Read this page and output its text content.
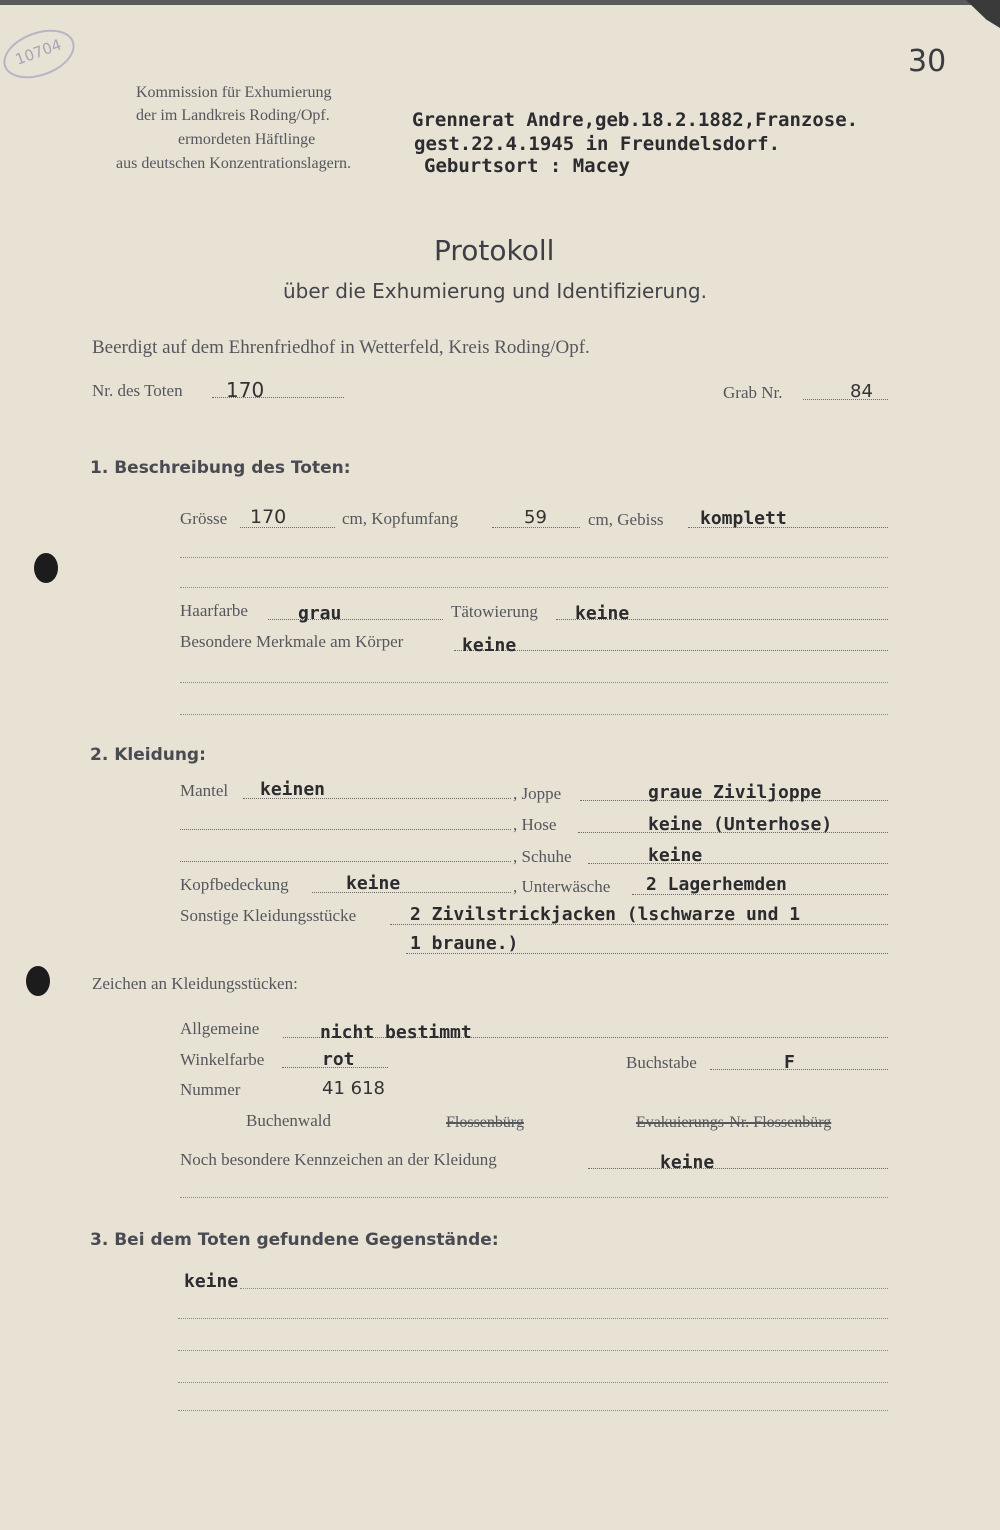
10704	30
Kommission für Exhumierung
der im Landkreis Roding/Opf.
ermordeten Häftlinge
aus deutschen Konzentrationslagern.
Grennerat Andre,geb.18.2.1882,Franzose.
gest.22.4.1945 in Freundelsdorf.
Geburtsort : Macey
Protokoll
über die Exhumierung und Identifizierung.
Beerdigt auf dem Ehrenfriedhof in Wetterfeld, Kreis Roding/Opf.
Nr. des Toten 170	Grab Nr.	84
1. Beschreibung des Toten:
Grösse 170	cm, Kopfumfang	59 cm, Gebiss komplett
Haarfarbe	grau	Tätowierung keine
Besondere Merkmale am Körper	keine
2. Kleidung:
Mantel keinen	, Joppe	graue Ziviljoppe
, Hose	keine (Unterhose)
, Schuhe	keine
Kopfbedeckung	keine	, Unterwäsche 2 Lagerhemden
Sonstige Kleidungsstücke	2 Zivilstrickjacken (lschwarze und 1
1 braune.)
Zeichen an Kleidungsstücken:
Allgemeine	nicht bestimmt
Winkelfarbe	rot	Buchstabe	F
Nummer	41 618
Buchenwald	Flossenbürg	Evakuierungs-Nr. Flossenbürg
Noch besondere Kennzeichen an der Kleidung	keine
3. Bei dem Toten gefundene Gegenstände:
keine
